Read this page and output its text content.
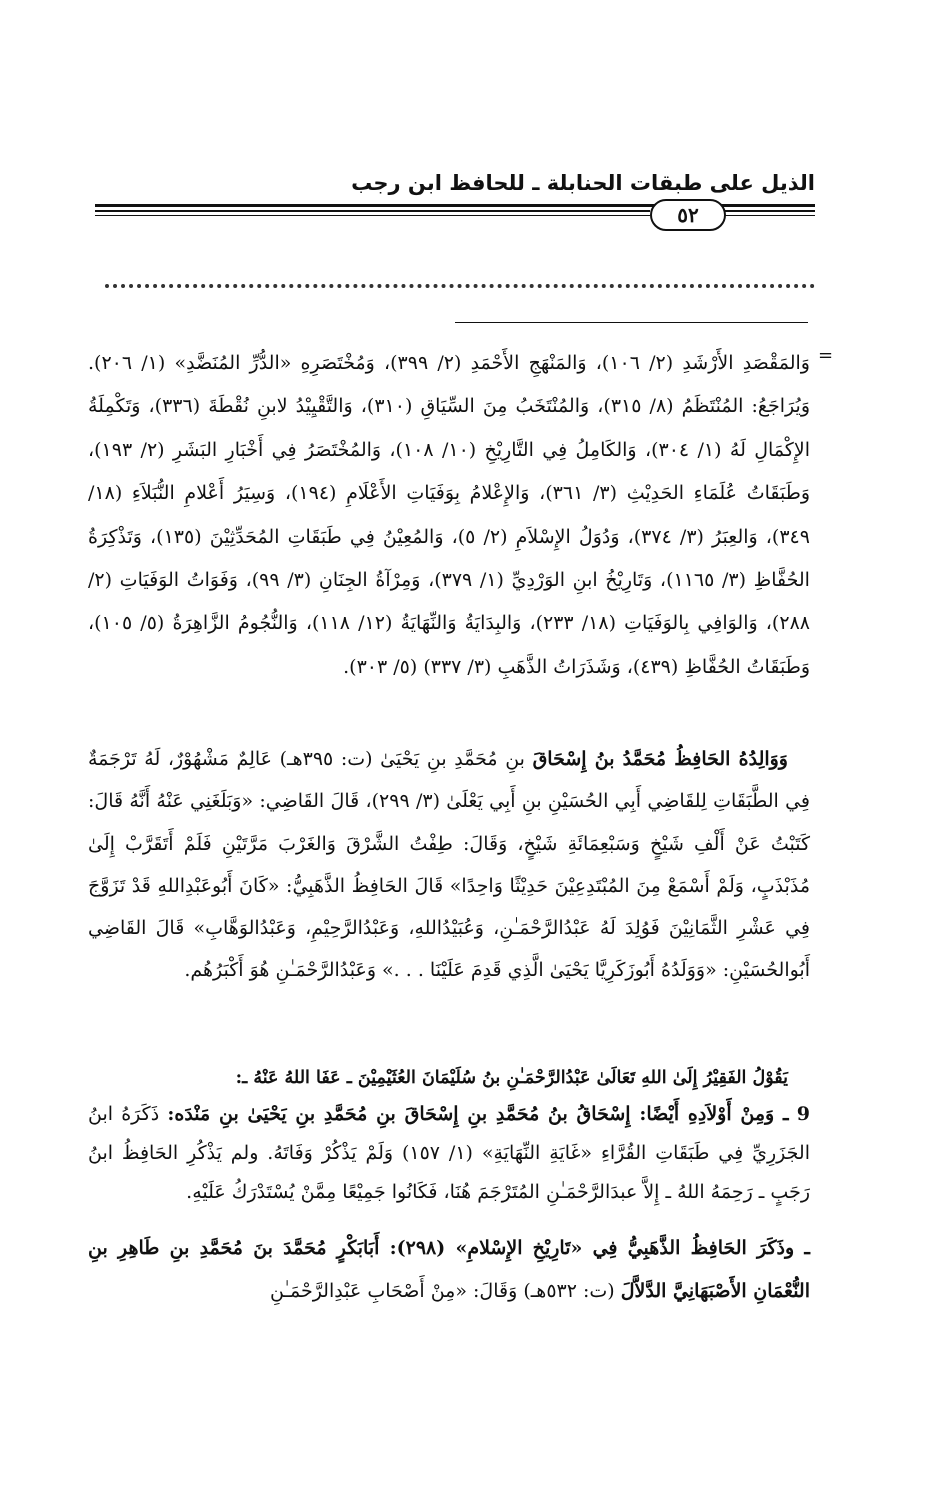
الذيل على طبقات الحنابلة ـ للحافظ ابن رجب
٥٢
=

وَالمَقْصَدِ الأَرْشَدِ (٢/ ١٠٦)، وَالمَنْهَجِ الأَحْمَدِ (٢/ ٣٩٩)، وَمُخْتَصَرِهِ «الدُّرِّ المُنَضَّدِ» (١/ ٢٠٦). وَيُرَاجَعُ: المُنْتَظَمُ (٨/ ٣١٥)، وَالمُنْتَخَبُ مِنَ السِّيَاقِ (٣١٠)، وَالتَّقْيِيْدُ لابنِ نُقْطَةَ (٣٣٦)، وَتَكْمِلَةُ الإِكْمَالِ لَهُ (١/ ٣٠٤)، وَالكَامِلُ فِي التَّارِيْخِ (١٠/ ١٠٨)، وَالمُخْتَصَرُ فِي أَخْبَارِ البَشَرِ (٢/ ١٩٣)، وَطَبَقَاتُ عُلَمَاءِ الحَدِيْثِ (٣/ ٣٦١)، وَالإِعْلامُ بِوَفَيَاتِ الأَعْلَامِ (١٩٤)، وَسِيَرُ أَعْلامِ النُّبَلاَءِ (١٨/ ٣٤٩)، وَالعِبَرُ (٣/ ٣٧٤)، وَدُوَلُ الإِسْلاَمِ (٢/ ٥)، وَالمُعِيْنُ فِي طَبَقَاتِ المُحَدِّثِيْنَ (١٣٥)، وَتَذْكِرَةُ الحُفَّاظِ (٣/ ١١٦٥)، وَتَارِيْخُ ابنِ الوَرْدِيِّ (١/ ٣٧٩)، وَمِرْآةُ الجِنَانِ (٣/ ٩٩)، وَفَوَاتُ الوَفَيَاتِ (٢/ ٢٨٨)، وَالوَافِي بِالوَفَيَاتِ (١٨/ ٢٣٣)، وَالبِدَايَةُ وَالنِّهَايَةُ (١٢/ ١١٨)، وَالنُّجُومُ الزَّاهِرَةُ (٥/ ١٠٥)، وَطَبَقَاتُ الحُفَّاظِ (٤٣٩)، وَشَذَرَاتُ الذَّهَبِ (٣/ ٣٣٧) (٥/ ٣٠٣).

وَوَالِدُهُ الحَافِظُ مُحَمَّدُ بنُ إِسْحَاقَ بنِ مُحَمَّدِ بنِ يَحْيَىٰ (ت: ٣٩٥هـ) عَالِمٌ مَشْهُوْرٌ، لَهُ تَرْجَمَةٌ فِي الطَّبَقَاتِ لِلقَاضِي أَبِي الحُسَيْنِ بنِ أَبِي يَعْلَىٰ (٣/ ٢٩٩)، قَالَ القَاضِي: «وَبَلَغَنِي عَنْهُ أَنَّهُ قَالَ: كَتَبْتُ عَنْ أَلْفِ شَيْخٍ وَسَبْعِمَائَةِ شَيْخٍ، وَقَالَ: طِفْتُ الشَّرْقَ وَالغَرْبَ مَرَّتَيْنِ فَلَمْ أَتَقَرَّبْ إِلَىٰ مُذَبْذَبٍ، وَلَمْ أَسْمَعْ مِنَ المُبْتَدِعِيْنَ حَدِيْثًا وَاحِدًا» قَالَ الحَافِظُ الذَّهَبِيُّ: «كَانَ أَبُوعَبْدِاللهِ قَدْ تَزَوَّجَ فِي عَشْرِ الثَّمَانِيْنَ فَوُلِدَ لَهُ عَبْدُالرَّحْمَـٰنِ، وَعُبَيْدُاللهِ، وَعَبْدُالرَّحِيْمِ، وَعَبْدُالوَهَّابِ» قَالَ القَاضِي أَبُوالحُسَيْنِ: «وَوَلَدُهُ أَبُوزَكَرِيَّا يَحْيَىٰ الَّذِي قَدِمَ عَلَيْنَا . . .» وَعَبْدُالرَّحْمَـٰنِ هُوَ أَكْبَرُهُم.

يَقُوْلُ الفَقِيْرُ إِلَىٰ اللهِ تَعَالَىٰ عَبْدُالرَّحْمَـٰنِ بنُ سُلَيْمَانَ العُثَيْمِيْنَ ـ عَفَا اللهُ عَنْهُ ـ:

9 ـ وَمِنْ أَوْلاَدِهِ أَيْضًا: إِسْحَاقُ بنُ مُحَمَّدِ بنِ إِسْحَاقَ بنِ مُحَمَّدِ بنِ يَحْيَىٰ بنِ مَنْدَه: ذَكَرَهُ ابنُ الجَزَرِيِّ فِي طَبَقَاتِ القُرَّاءِ «غَايَةِ النِّهَايَةِ» (١/ ١٥٧) وَلَمْ يَذْكُرْ وَفَاتَهُ. ولم يَذْكُرِ الحَافِظُ ابنُ رَجَبٍ ـ رَحِمَهُ اللهُ ـ إِلاَّ عبدَالرَّحْمَـٰنِ المُتَرْجَمَ هُنَا، فَكَانُوا جَمِيْعًا مِمَّنْ يُسْتَدْرَكُ عَلَيْهِ.

ـ وذَكَرَ الحَافِظُ الذَّهَبِيُّ فِي «تَارِيْخِ الإِسْلامِ» (٢٩٨): أَبَابَكْرٍ مُحَمَّدَ بنَ مُحَمَّدِ بنِ طَاهِرِ بنِ النُّعْمَانِ الأَصْبَهَانِيَّ الدَّلاَّلَ (ت: ٥٣٢هـ) وَقَالَ: «مِنْ أَصْحَابِ عَبْدِالرَّحْمَـٰنِ
